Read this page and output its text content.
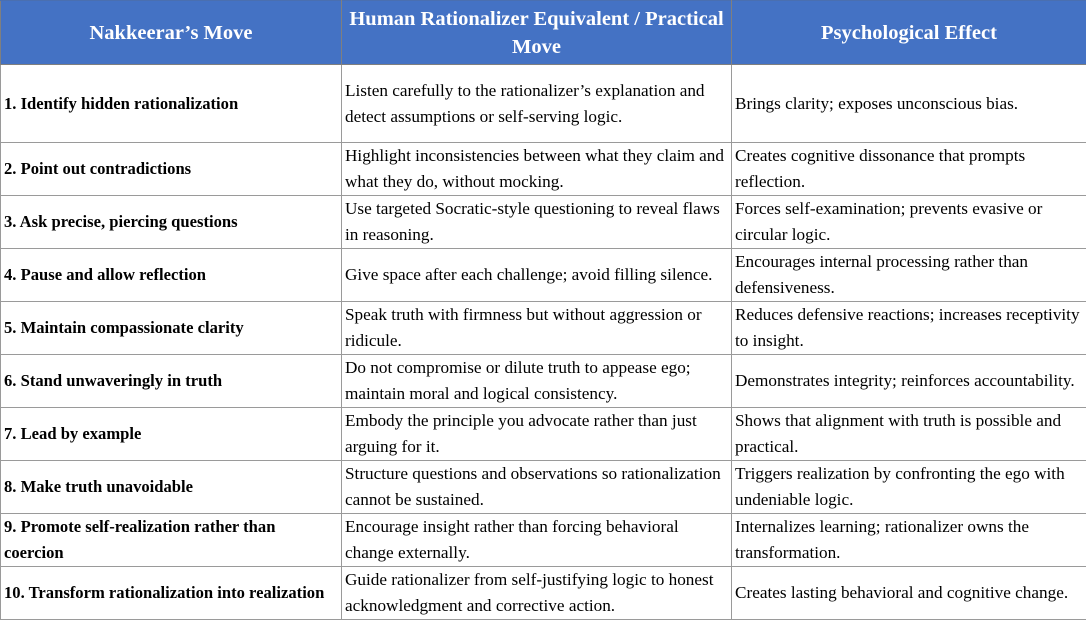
Nakkeerar’s Move	Human Rationalizer Equivalent / Practical Move	Psychological Effect
1. Identify hidden rationalization	Listen carefully to the rationalizer’s explanation and detect assumptions or self-serving logic.	Brings clarity; exposes unconscious bias.
2. Point out contradictions	Highlight inconsistencies between what they claim and what they do, without mocking.	Creates cognitive dissonance that prompts reflection.
3. Ask precise, piercing questions	Use targeted Socratic-style questioning to reveal flaws in reasoning.	Forces self-examination; prevents evasive or circular logic.
4. Pause and allow reflection	Give space after each challenge; avoid filling silence.	Encourages internal processing rather than defensiveness.
5. Maintain compassionate clarity	Speak truth with firmness but without aggression or ridicule.	Reduces defensive reactions; increases receptivity to insight.
6. Stand unwaveringly in truth	Do not compromise or dilute truth to appease ego; maintain moral and logical consistency.	Demonstrates integrity; reinforces accountability.
7. Lead by example	Embody the principle you advocate rather than just arguing for it.	Shows that alignment with truth is possible and practical.
8. Make truth unavoidable	Structure questions and observations so rationalization cannot be sustained.	Triggers realization by confronting the ego with undeniable logic.
9. Promote self-realization rather than coercion	Encourage insight rather than forcing behavioral change externally.	Internalizes learning; rationalizer owns the transformation.
10. Transform rationalization into realization	Guide rationalizer from self-justifying logic to honest acknowledgment and corrective action.	Creates lasting behavioral and cognitive change.
